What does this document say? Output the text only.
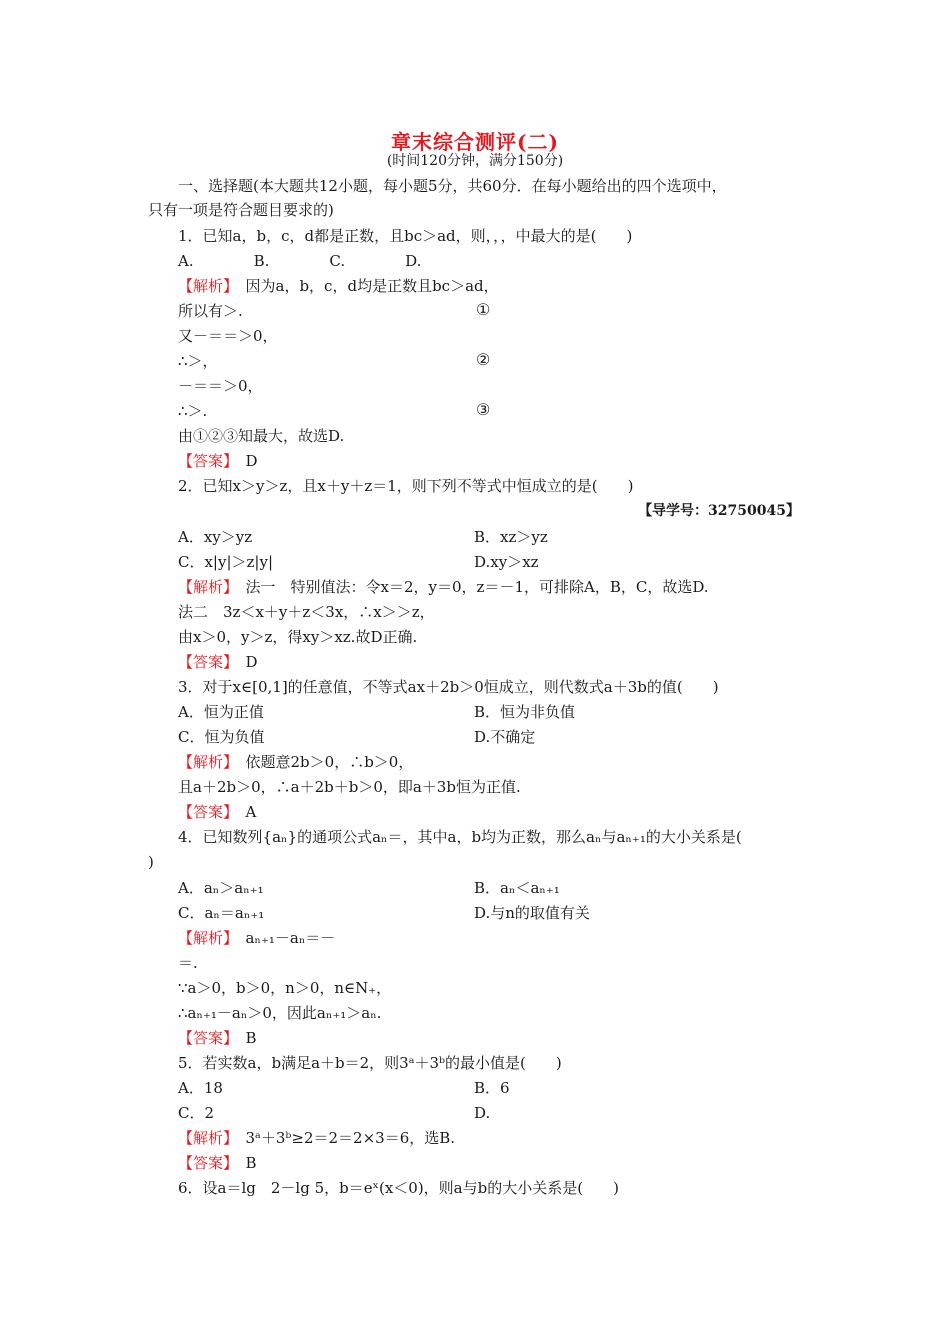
章末综合测评(二)
(时间120分钟，满分150分)
一、选择题(本大题共12小题，每小题5分，共60分．在每小题给出的四个选项中，
只有一项是符合题目要求的)
1．已知a，b，c，d都是正数，且bc＞ad，则，，，中最大的是(　　)
A.　　　　B.　　　　C.　　　　D.
【解析】　因为a，b，c，d均是正数且bc＞ad，
所以有＞.	①
又－＝＝＞0，
∴＞，	②
－＝＝＞0，
∴＞.	③
由①②③知最大，故选D.
【答案】　 D
2．已知x＞y＞z，且x＋y＋z＝1，则下列不等式中恒成立的是(　　)
【导学号：32750045】
A．xy＞yz	B．xz＞yz
C．x|y|＞z|y|	D.xy＞xz
【解析】　法一　特别值法：令x＝2，y＝0，z＝－1，可排除A，B，C，故选D.
法二　3z＜x＋y＋z＜3x，∴x＞＞z，
由x＞0，y＞z，得xy＞xz.故D正确.
【答案】　 D
3．对于x∈[0,1]的任意值，不等式ax＋2b＞0恒成立，则代数式a＋3b的值(　　)
A．恒为正值	B．恒为非负值
C．恒为负值	D.不确定
【解析】　依题意2b＞0，∴b＞0，
且a＋2b＞0，∴a＋2b＋b＞0，即a＋3b恒为正值.
【答案】　 A
4．已知数列{aₙ}的通项公式aₙ＝，其中a，b均为正数，那么aₙ与aₙ₊₁的大小关系是(
)
A．aₙ＞aₙ₊₁	B．aₙ＜aₙ₊₁
C．aₙ＝aₙ₊₁	D.与n的取值有关
【解析】　aₙ₊₁－aₙ＝－
＝.
∵a＞0，b＞0，n＞0，n∈N₊，
∴aₙ₊₁－aₙ＞0，因此aₙ₊₁＞aₙ.
【答案】　 B
5．若实数a，b满足a＋b＝2，则3ᵃ＋3ᵇ的最小值是(　　)
A．18	B．6
C．2	D.
【解析】　3ᵃ＋3ᵇ≥2＝2＝2×3＝6，选B.
【答案】　 B
6．设a＝lg　2－lg 5，b＝eˣ(x＜0)，则a与b的大小关系是(　　)
